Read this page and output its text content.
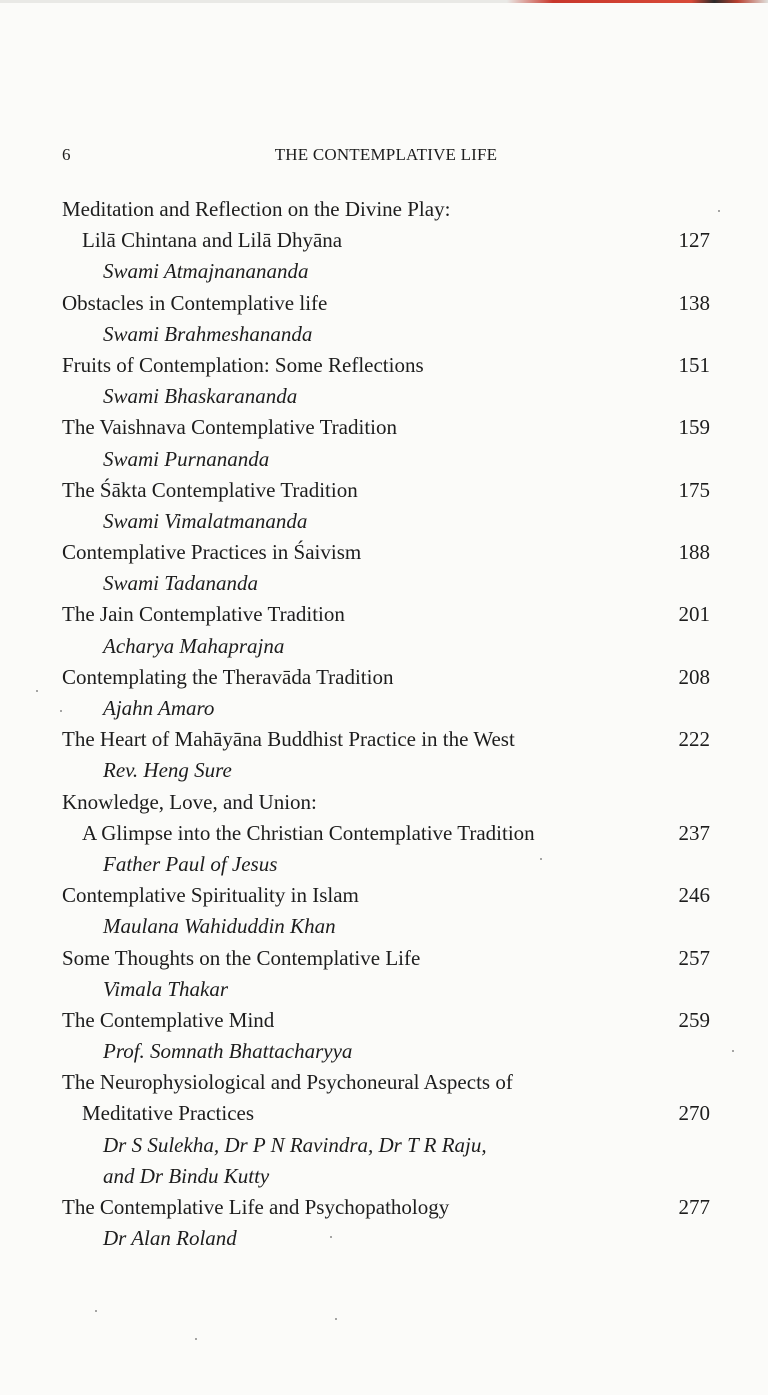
6	THE CONTEMPLATIVE LIFE
Meditation and Reflection on the Divine Play:
Lilā Chintana and Lilā Dhyāna	127
Swami Atmajnanananda
Obstacles in Contemplative life	138
Swami Brahmeshananda
Fruits of Contemplation: Some Reflections	151
Swami Bhaskarananda
The Vaishnava Contemplative Tradition	159
Swami Purnananda
The Śākta Contemplative Tradition	175
Swami Vimalatmananda
Contemplative Practices in Śaivism	188
Swami Tadananda
The Jain Contemplative Tradition	201
Acharya Mahaprajna
Contemplating the Theravāda Tradition	208
Ajahn Amaro
The Heart of Mahāyāna Buddhist Practice in the West	222
Rev. Heng Sure
Knowledge, Love, and Union:
A Glimpse into the Christian Contemplative Tradition	237
Father Paul of Jesus
Contemplative Spirituality in Islam	246
Maulana Wahiduddin Khan
Some Thoughts on the Contemplative Life	257
Vimala Thakar
The Contemplative Mind	259
Prof. Somnath Bhattacharyya
The Neurophysiological and Psychoneural Aspects of
Meditative Practices	270
Dr S Sulekha, Dr P N Ravindra, Dr T R Raju,
and Dr Bindu Kutty
The Contemplative Life and Psychopathology	277
Dr Alan Roland
